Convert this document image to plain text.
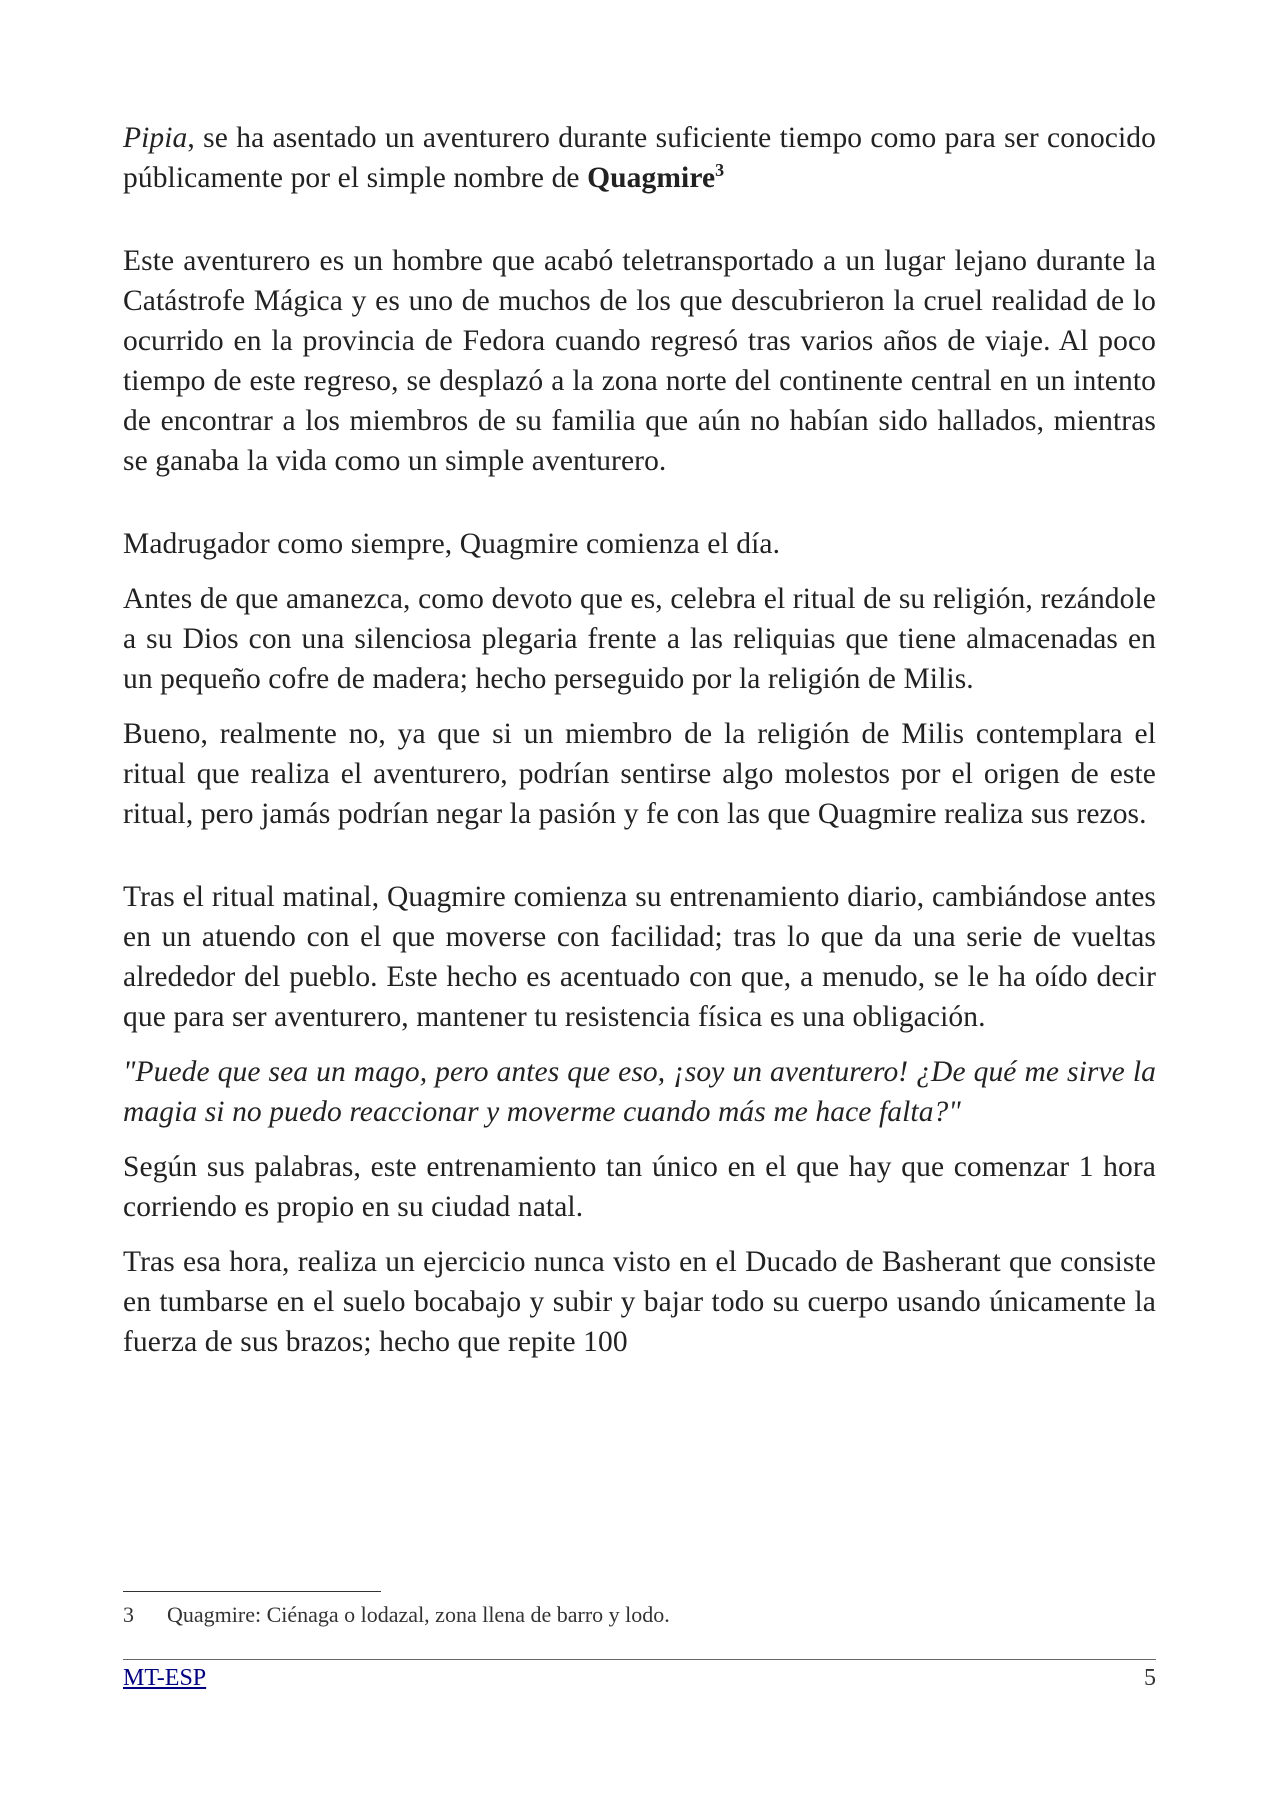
Pipia, se ha asentado un aventurero durante suficiente tiempo como para ser conocido públicamente por el simple nombre de Quagmire$^3$

Este aventurero es un hombre que acabó teletransportado a un lugar lejano durante la Catástrofe Mágica y es uno de muchos de los que descubrieron la cruel realidad de lo ocurrido en la provincia de Fedora cuando regresó tras varios años de viaje. Al poco tiempo de este regreso, se desplazó a la zona norte del continente central en un intento de encontrar a los miembros de su familia que aún no habían sido hallados, mientras se ganaba la vida como un simple aventurero.

Madrugador como siempre, Quagmire comienza el día.

Antes de que amanezca, como devoto que es, celebra el ritual de su religión, rezándole a su Dios con una silenciosa plegaria frente a las reliquias que tiene almacenadas en un pequeño cofre de madera; hecho perseguido por la religión de Milis.

Bueno, realmente no, ya que si un miembro de la religión de Milis contemplara el ritual que realiza el aventurero, podrían sentirse algo molestos por el origen de este ritual, pero jamás podrían negar la pasión y fe con las que Quagmire realiza sus rezos.

Tras el ritual matinal, Quagmire comienza su entrenamiento diario, cambiándose antes en un atuendo con el que moverse con facilidad; tras lo que da una serie de vueltas alrededor del pueblo. Este hecho es acentuado con que, a menudo, se le ha oído decir que para ser aventurero, mantener tu resistencia física es una obligación.

"Puede que sea un mago, pero antes que eso, ¡soy un aventurero! ¿De qué me sirve la magia si no puedo reaccionar y moverme cuando más me hace falta?"

Según sus palabras, este entrenamiento tan único en el que hay que comenzar 1 hora corriendo es propio en su ciudad natal.

Tras esa hora, realiza un ejercicio nunca visto en el Ducado de Basherant que consiste en tumbarse en el suelo bocabajo y subir y bajar todo su cuerpo usando únicamente la fuerza de sus brazos; hecho que repite 100

3 Quagmire: Ciénaga o lodazal, zona llena de barro y lodo.
MT-ESP	5
